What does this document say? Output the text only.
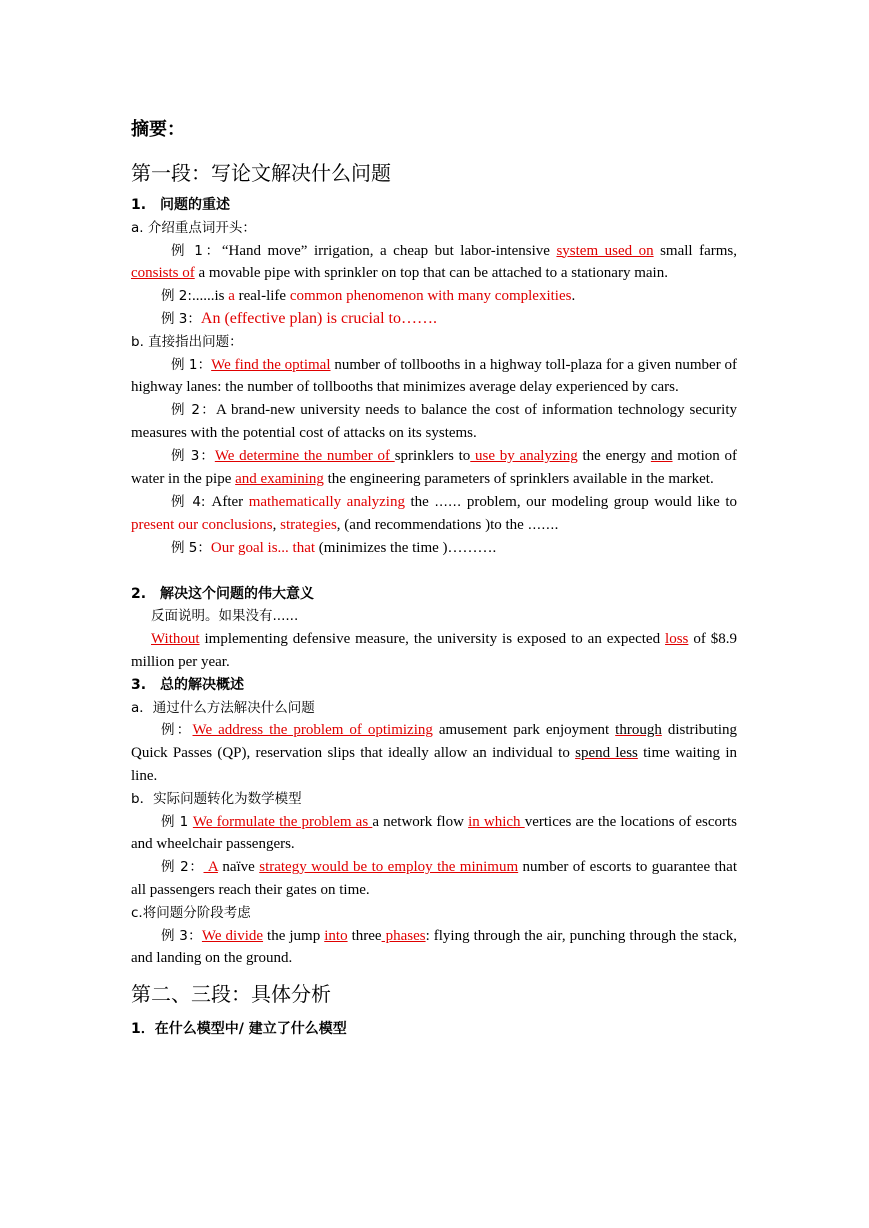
摘要：
第一段：写论文解决什么问题

1.　问题的重述

a. 介绍重点词开头：

例 1：“Hand move” irrigation, a cheap but labor-intensive system used on small farms, consists of a movable pipe with sprinkler on top that can be attached to a stationary main.

例 2:......is a real-life common phenomenon with many complexities.

例 3：An (effective plan) is crucial to…….

b. 直接指出问题：

例 1：We find the optimal number of tollbooths in a highway toll-plaza for a given number of highway lanes: the number of tollbooths that minimizes average delay experienced by cars.

例 2：A brand-new university needs to balance the cost of information technology security measures with the potential cost of attacks on its systems.

例 3：We determine the number of sprinklers to use by analyzing the energy and motion of water in the pipe and examining the engineering parameters of sprinklers available in the market.

例 4: After mathematically analyzing the …… problem, our modeling group would like to present our conclusions, strategies, (and recommendations )to the …….

例 5：Our goal is... that (minimizes the time )……….

2.　解决这个问题的伟大意义

反面说明。如果没有......

Without implementing defensive measure, the university is exposed to an expected loss of $8.9 million per year.

3.　总的解决概述

a．通过什么方法解决什么问题

例：We address the problem of optimizing amusement park enjoyment through distributing Quick Passes (QP), reservation slips that ideally allow an individual to spend less time waiting in line.

b．实际问题转化为数学模型

例 1 We formulate the problem as a network flow in which vertices are the locations of escorts and wheelchair passengers.

例 2： A naïve strategy would be to employ the minimum number of escorts to guarantee that all passengers reach their gates on time.

c.将问题分阶段考虑

例 3：We divide the jump into three phases: flying through the air, punching through the stack, and landing on the ground.

第二、三段：具体分析

1．在什么模型中/ 建立了什么模型
